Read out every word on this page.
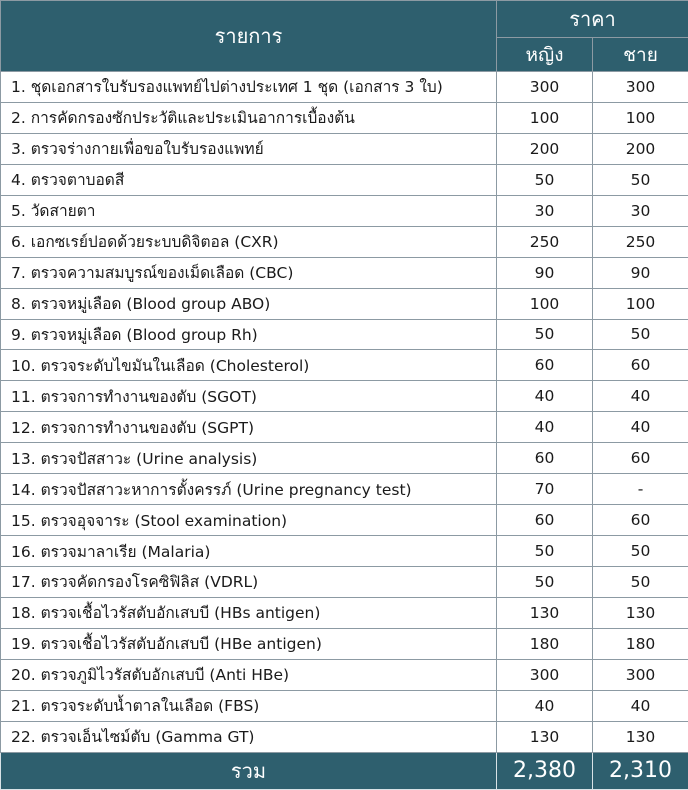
รายการ	ราคา	
	หญิง	ชาย
1. ชุดเอกสารใบรับรองแพทย์ไปต่างประเทศ 1 ชุด (เอกสาร 3 ใบ)	300	300
2. การคัดกรองซักประวัติและประเมินอาการเบื้องต้น	100	100
3. ตรวจร่างกายเพื่อขอใบรับรองแพทย์	200	200
4. ตรวจตาบอดสี	50	50
5. วัดสายตา	30	30
6. เอกซเรย์ปอดด้วยระบบดิจิตอล (CXR)	250	250
7. ตรวจความสมบูรณ์ของเม็ดเลือด (CBC)	90	90
8. ตรวจหมู่เลือด (Blood group ABO)	100	100
9. ตรวจหมู่เลือด (Blood group Rh)	50	50
10. ตรวจระดับไขมันในเลือด (Cholesterol)	60	60
11. ตรวจการทำงานของตับ (SGOT)	40	40
12. ตรวจการทำงานของตับ (SGPT)	40	40
13. ตรวจปัสสาวะ (Urine analysis)	60	60
14. ตรวจปัสสาวะหาการตั้งครรภ์ (Urine pregnancy test)	70	-
15. ตรวจอุจจาระ (Stool examination)	60	60
16. ตรวจมาลาเรีย (Malaria)	50	50
17. ตรวจคัดกรองโรคซิฟิลิส (VDRL)	50	50
18. ตรวจเชื้อไวรัสตับอักเสบบี (HBs antigen)	130	130
19. ตรวจเชื้อไวรัสตับอักเสบบี (HBe antigen)	180	180
20. ตรวจภูมิไวรัสตับอักเสบบี (Anti HBe)	300	300
21. ตรวจระดับน้ำตาลในเลือด (FBS)	40	40
22. ตรวจเอ็นไซม์ตับ (Gamma GT)	130	130
รวม	2,380	2,310
